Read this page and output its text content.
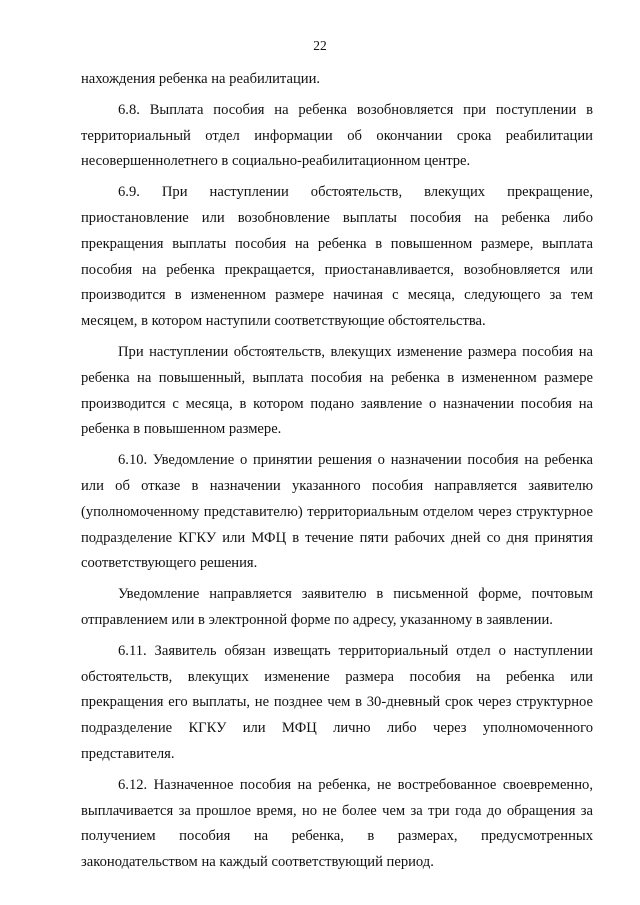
22

нахождения ребенка на реабилитации.

6.8. Выплата пособия на ребенка возобновляется при поступлении в территориальный отдел информации об окончании срока реабилитации несовершеннолетнего в социально-реабилитационном центре.

6.9. При наступлении обстоятельств, влекущих прекращение, приостановление или возобновление выплаты пособия на ребенка либо прекращения выплаты пособия на ребенка в повышенном размере, выплата пособия на ребенка прекращается, приостанавливается, возобновляется или производится в измененном размере начиная с месяца, следующего за тем месяцем, в котором наступили соответствующие обстоятельства.

При наступлении обстоятельств, влекущих изменение размера пособия на ребенка на повышенный, выплата пособия на ребенка в измененном размере производится с месяца, в котором подано заявление о назначении пособия на ребенка в повышенном размере.

6.10. Уведомление о принятии решения о назначении пособия на ребенка или об отказе в назначении указанного пособия направляется заявителю (уполномоченному представителю) территориальным отделом через структурное подразделение КГКУ или МФЦ в течение пяти рабочих дней со дня принятия соответствующего решения.

Уведомление направляется заявителю в письменной форме, почтовым отправлением или в электронной форме по адресу, указанному в заявлении.

6.11. Заявитель обязан извещать территориальный отдел о наступлении обстоятельств, влекущих изменение размера пособия на ребенка или прекращения его выплаты, не позднее чем в 30-дневный срок через структурное подразделение КГКУ или МФЦ лично либо через уполномоченного представителя.

6.12. Назначенное пособия на ребенка, не востребованное своевременно, выплачивается за прошлое время, но не более чем за три года до обращения за получением пособия на ребенка, в размерах, предусмотренных законодательством на каждый соответствующий период.
